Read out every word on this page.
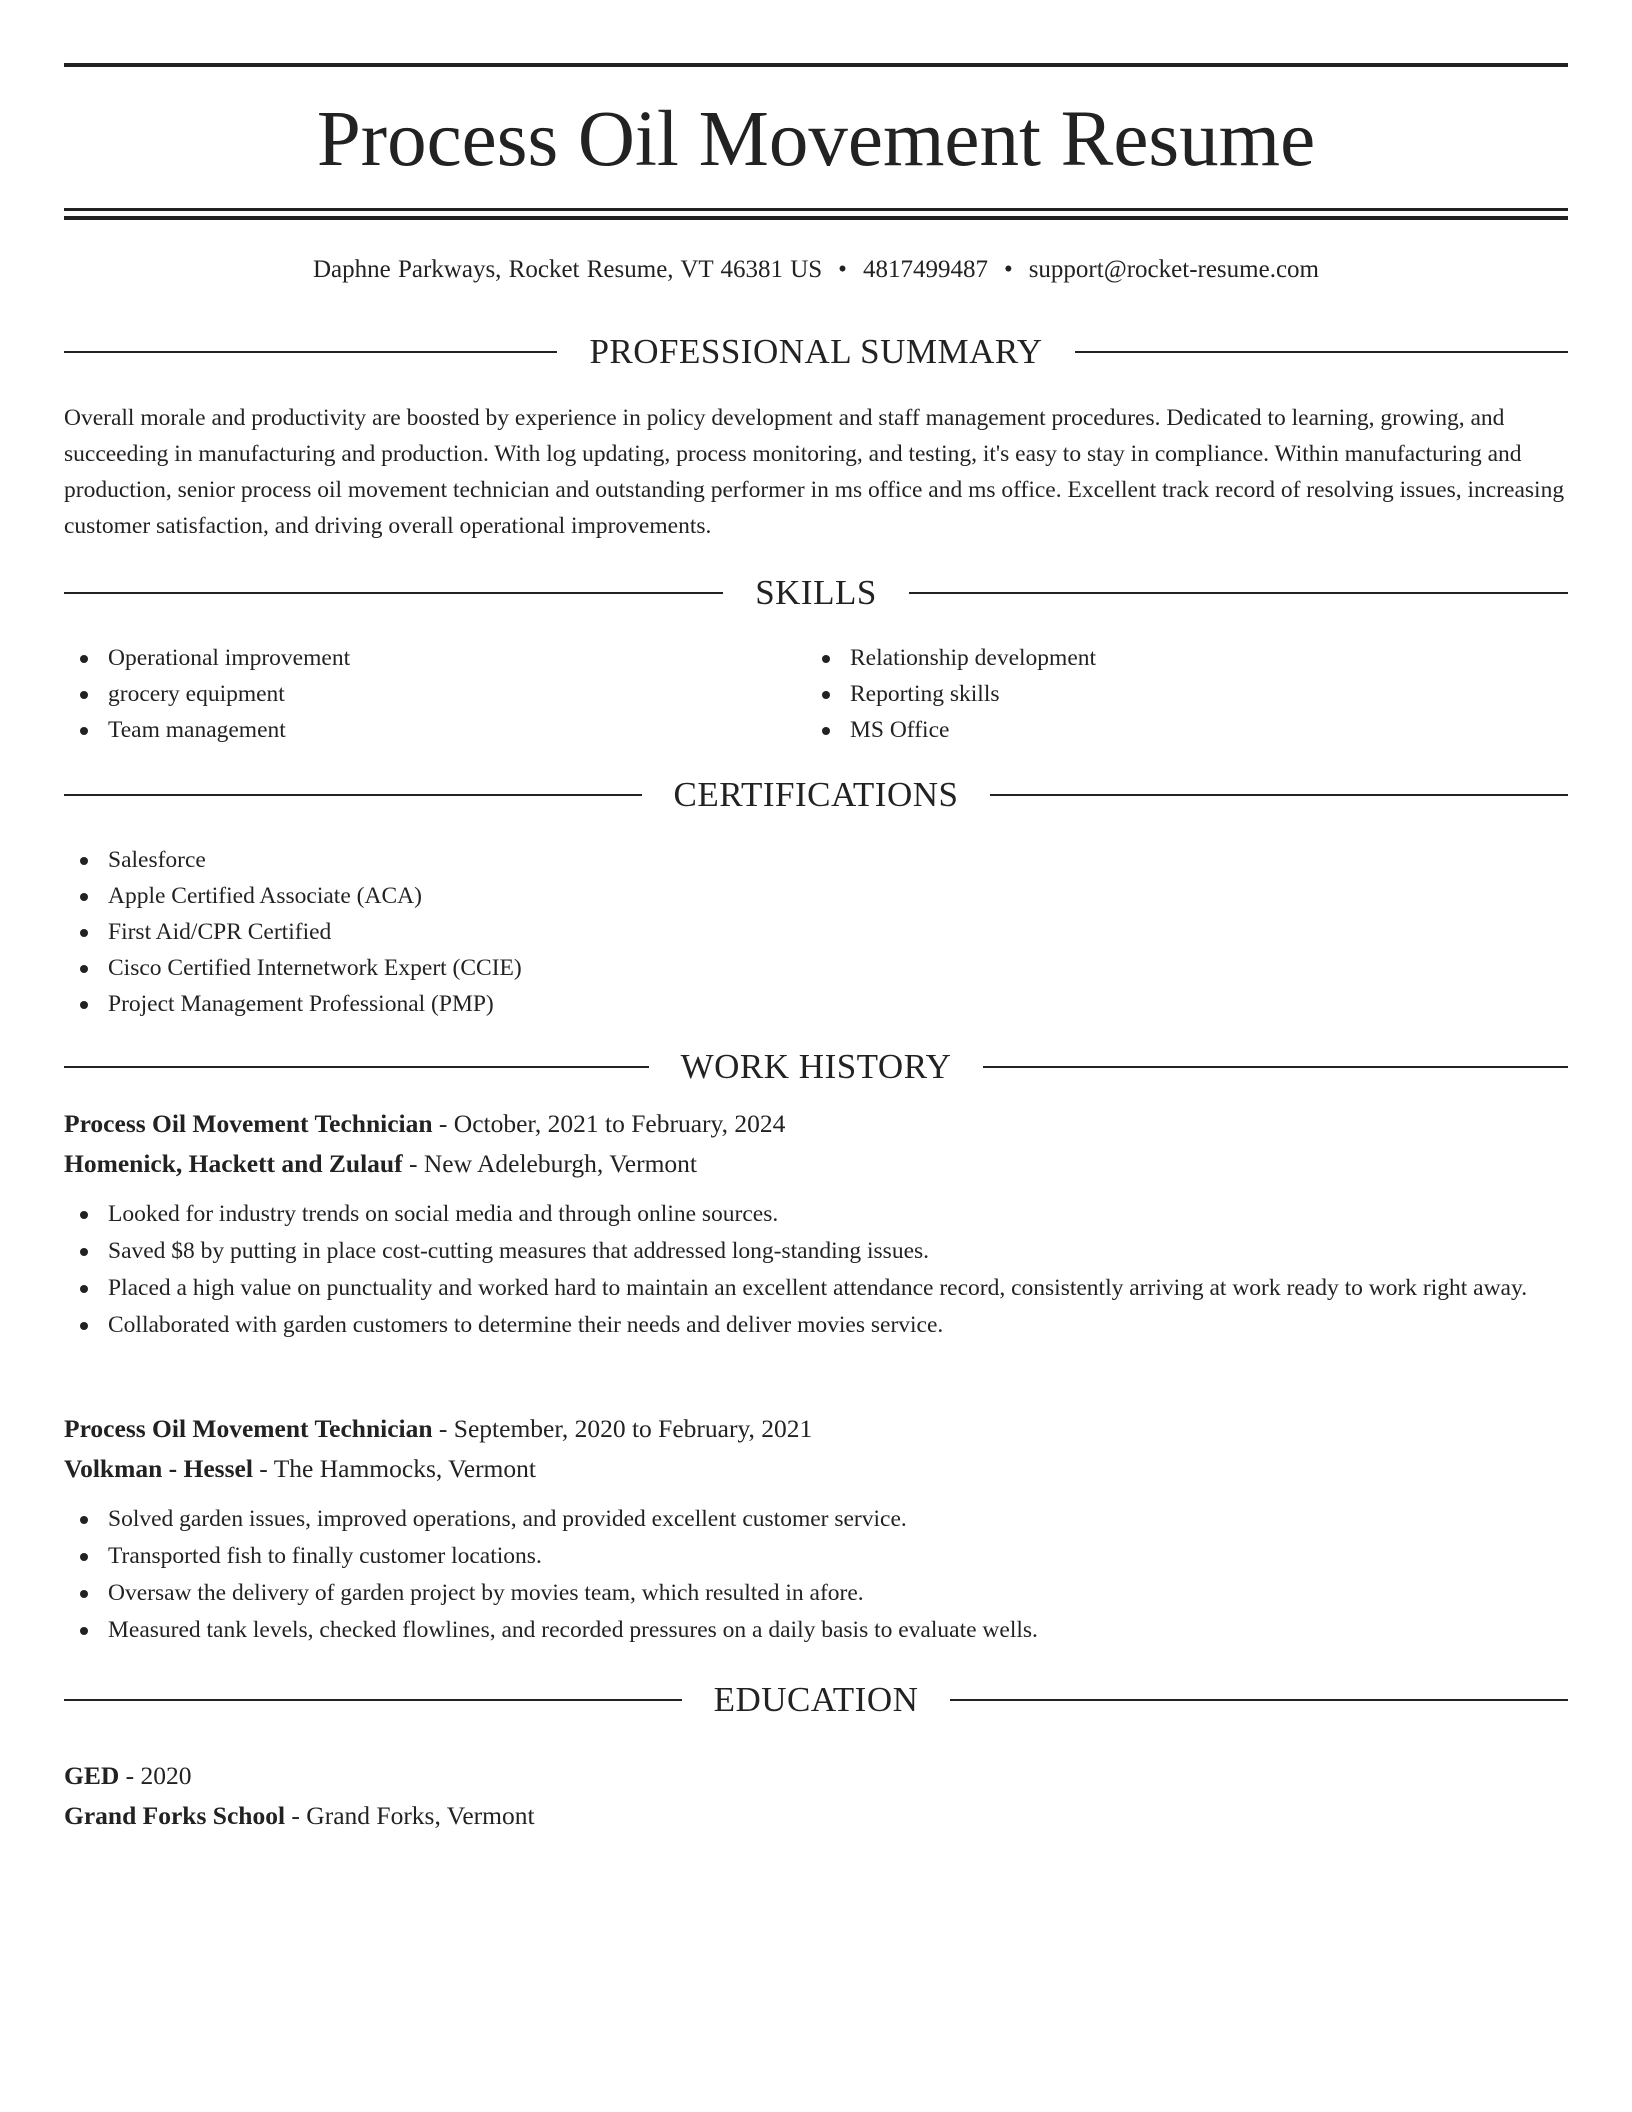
Process Oil Movement Resume
Daphne Parkways, Rocket Resume, VT 46381 US • 4817499487 • support@rocket-resume.com
PROFESSIONAL SUMMARY

Overall morale and productivity are boosted by experience in policy development and staff management procedures. Dedicated to learning, growing, and succeeding in manufacturing and production. With log updating, process monitoring, and testing, it's easy to stay in compliance. Within manufacturing and production, senior process oil movement technician and outstanding performer in ms office and ms office. Excellent track record of resolving issues, increasing customer satisfaction, and driving overall operational improvements.

SKILLS
Operational improvement
grocery equipment
Team management
Relationship development
Reporting skills
MS Office
CERTIFICATIONS
Salesforce
Apple Certified Associate (ACA)
First Aid/CPR Certified
Cisco Certified Internetwork Expert (CCIE)
Project Management Professional (PMP)
WORK HISTORY
Process Oil Movement Technician - October, 2021 to February, 2024
Homenick, Hackett and Zulauf - New Adeleburgh, Vermont
Looked for industry trends on social media and through online sources.
Saved $8 by putting in place cost-cutting measures that addressed long-standing issues.
Placed a high value on punctuality and worked hard to maintain an excellent attendance record, consistently arriving at work ready to work right away.
Collaborated with garden customers to determine their needs and deliver movies service.
Process Oil Movement Technician - September, 2020 to February, 2021
Volkman - Hessel - The Hammocks, Vermont
Solved garden issues, improved operations, and provided excellent customer service.
Transported fish to finally customer locations.
Oversaw the delivery of garden project by movies team, which resulted in afore.
Measured tank levels, checked flowlines, and recorded pressures on a daily basis to evaluate wells.
EDUCATION
GED - 2020
Grand Forks School - Grand Forks, Vermont
